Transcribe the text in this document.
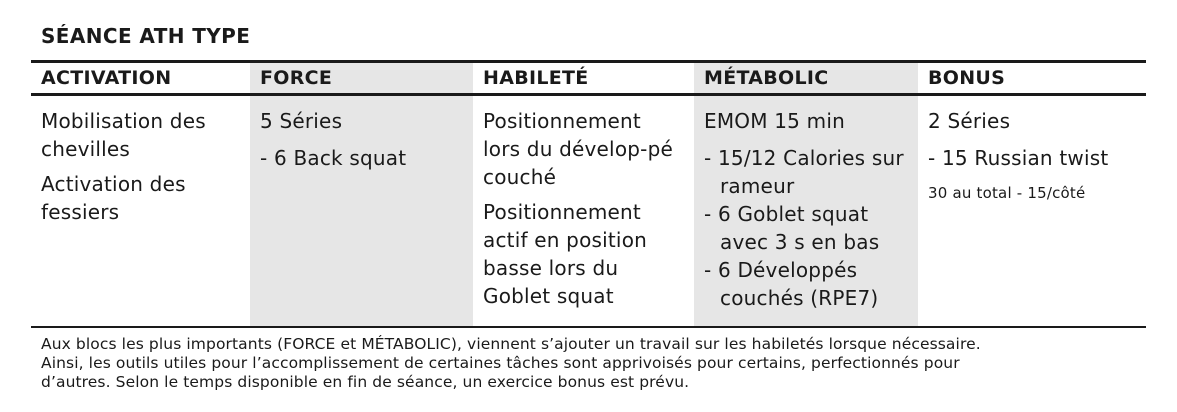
SÉANCE ATH TYPE
ACTIVATION

Mobilisation des chevilles

Activation des fessiers

FORCE

5 Séries

- 6 Back squat

HABILETÉ

Positionnement lors du dévelop-pé couché

Positionnement actif en position basse lors du Goblet squat

MÉTABOLIC

EMOM 15 min

- 15/12 Calories sur rameur

- 6 Goblet squat avec 3 s en bas

- 6 Développés couchés (RPE7)

BONUS

2 Séries

- 15 Russian twist

30 au total - 15/côté

Aux blocs les plus importants (FORCE et MÉTABOLIC), viennent s’ajouter un travail sur les habiletés lorsque nécessaire.

Ainsi, les outils utiles pour l’accomplissement de certaines tâches sont apprivoisés pour certains, perfectionnés pour

d’autres. Selon le temps disponible en fin de séance, un exercice bonus est prévu.
